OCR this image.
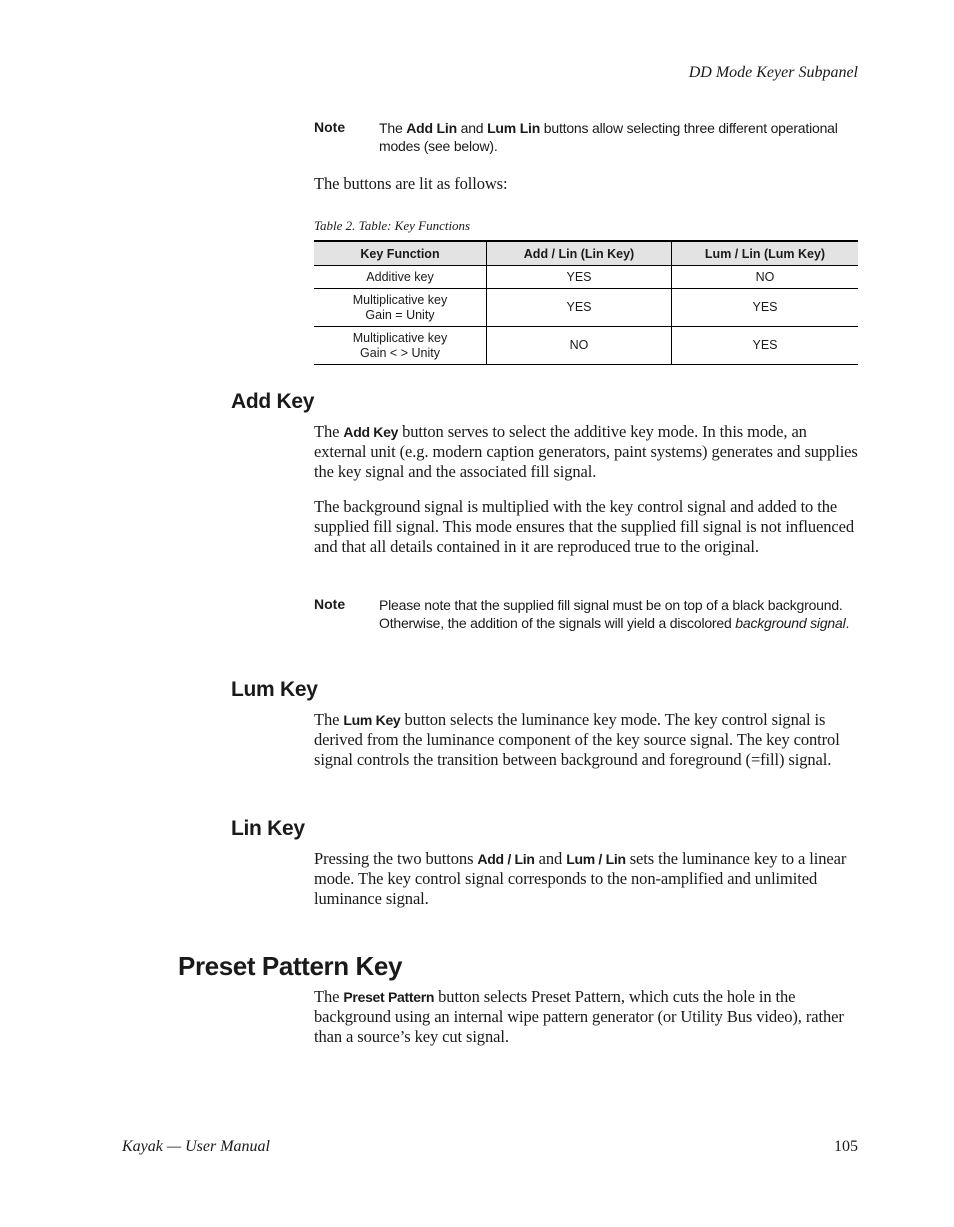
DD Mode Keyer Subpanel
Note	The Add Lin and Lum Lin buttons allow selecting three different operational modes (see below).
The buttons are lit as follows:
Table 2. Table: Key Functions
Key Function	Add / Lin (Lin Key)	Lum / Lin (Lum Key)
Additive key	YES	NO
Multiplicative key
Gain = Unity	YES	YES
Multiplicative key
Gain < > Unity	NO	YES
Add Key
The Add Key button serves to select the additive key mode. In this mode, an external unit (e.g. modern caption generators, paint systems) generates and supplies the key signal and the associated fill signal.
The background signal is multiplied with the key control signal and added to the supplied fill signal. This mode ensures that the supplied fill signal is not influenced and that all details contained in it are reproduced true to the original.
Note	Please note that the supplied fill signal must be on top of a black background. Otherwise, the addition of the signals will yield a discolored background signal.
Lum Key
The Lum Key button selects the luminance key mode. The key control signal is derived from the luminance component of the key source signal. The key control signal controls the transition between background and foreground (=fill) signal.
Lin Key
Pressing the two buttons Add / Lin and Lum / Lin sets the luminance key to a linear mode. The key control signal corresponds to the non-amplified and unlimited luminance signal.
Preset Pattern Key
The Preset Pattern button selects Preset Pattern, which cuts the hole in the background using an internal wipe pattern generator (or Utility Bus video), rather than a source’s key cut signal.
Kayak — User Manual	105
